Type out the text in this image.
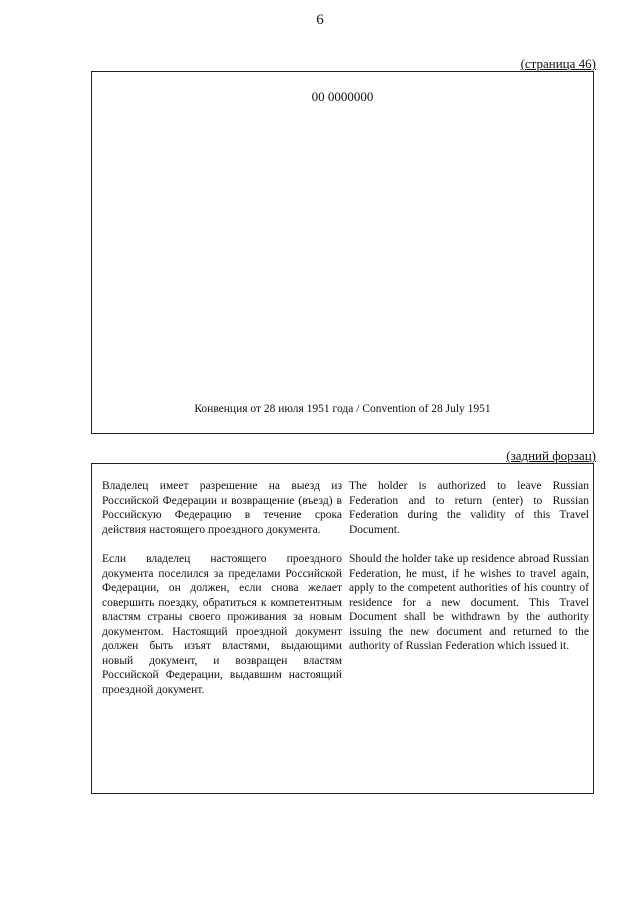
6
(страница 46)
00 0000000
Конвенция от 28 июля 1951 года / Convention of 28 July 1951
(задний форзац)

Владелец имеет разрешение на выезд из Российской Федерации и возвращение (въезд) в Российскую Федерацию в течение срока действия настоящего проездного документа.

Если владелец настоящего проездного документа поселился за пределами Российской Федерации, он должен, если снова желает совершить поездку, обратиться к компетентным властям страны своего проживания за новым документом. Настоящий проездной документ должен быть изъят властями, выдающими новый документ, и возвращен властям Российской Федерации, выдавшим настоящий проездной документ.

The holder is authorized to leave Russian Federation and to return (enter) to Russian Federation during the validity of this Travel Document.

Should the holder take up residence abroad Russian Federation, he must, if he wishes to travel again, apply to the competent authorities of his country of residence for a new document. This Travel Document shall be withdrawn by the authority issuing the new document and returned to the authority of Russian Federation which issued it.
